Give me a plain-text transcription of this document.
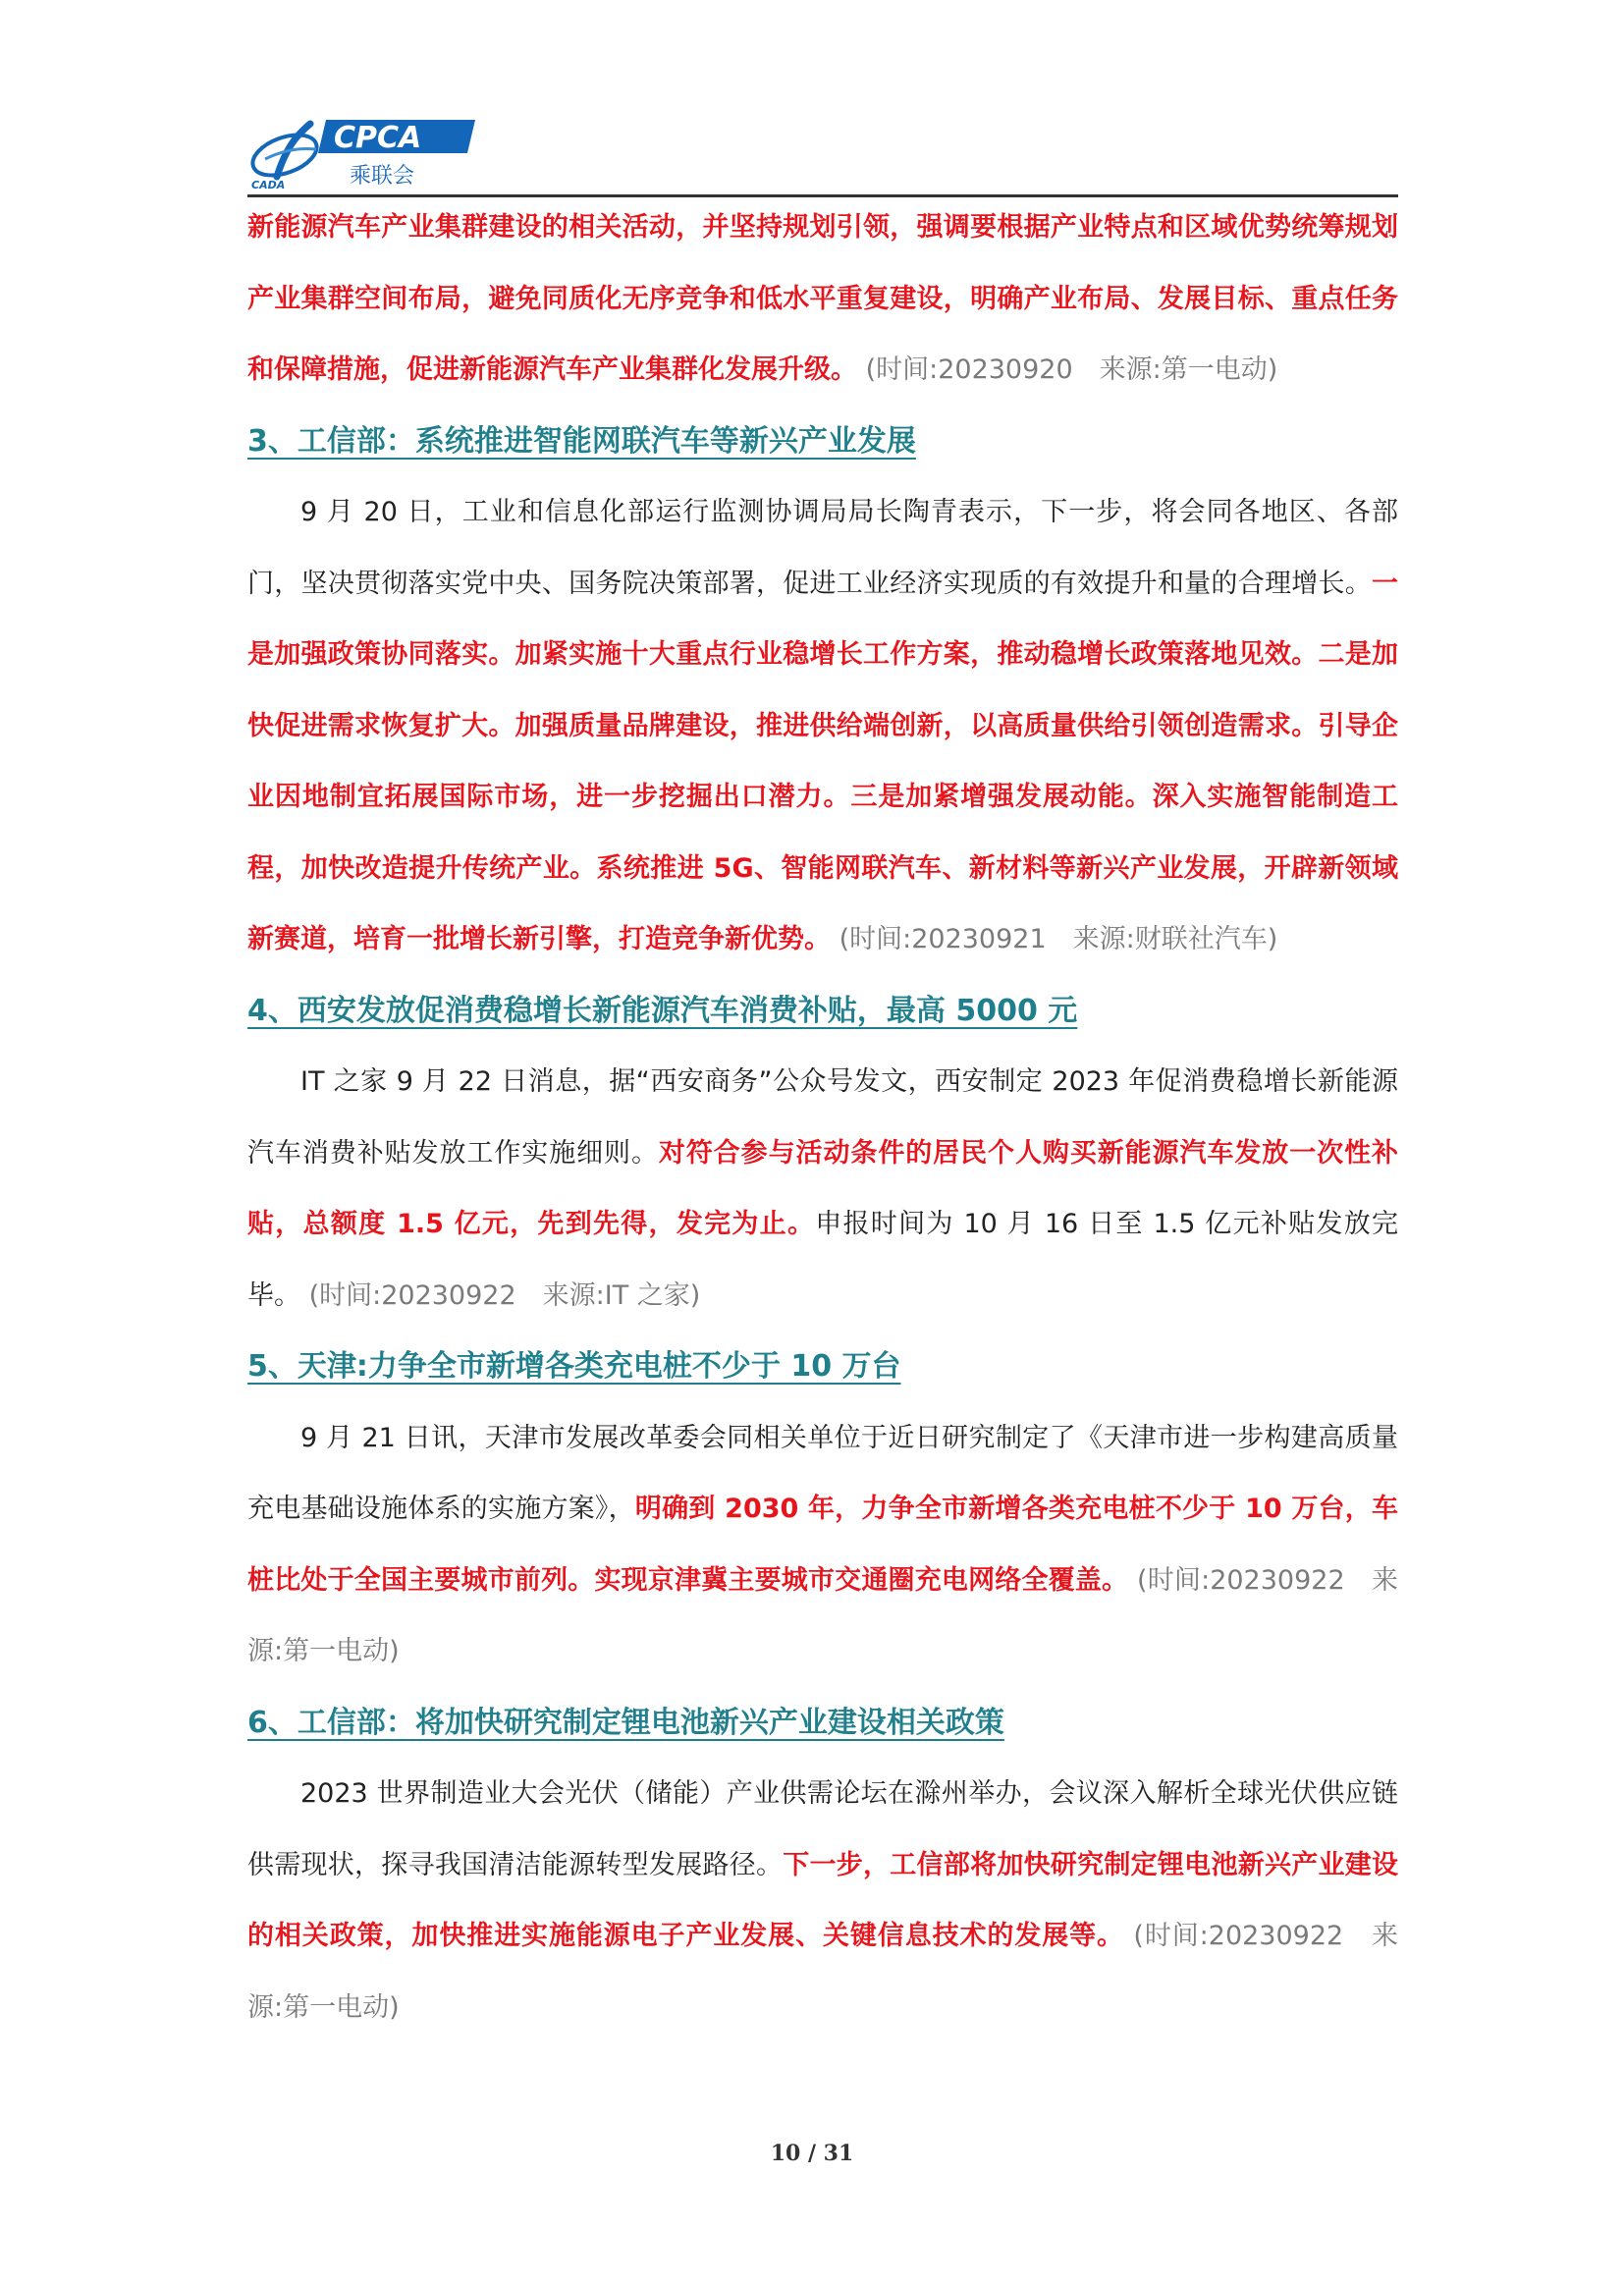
CPCA
乘联会
CADA

新能源汽车产业集群建设的相关活动，并坚持规划引领，强调要根据产业特点和区域优势统筹规划产业集群空间布局，避免同质化无序竞争和低水平重复建设，明确产业布局、发展目标、重点任务和保障措施，促进新能源汽车产业集群化发展升级。 (时间:20230920　来源:第一电动)

3、工信部：系统推进智能网联汽车等新兴产业发展

9 月 20 日，工业和信息化部运行监测协调局局长陶青表示，下一步，将会同各地区、各部门，坚决贯彻落实党中央、国务院决策部署，促进工业经济实现质的有效提升和量的合理增长。一是加强政策协同落实。加紧实施十大重点行业稳增长工作方案，推动稳增长政策落地见效。二是加快促进需求恢复扩大。加强质量品牌建设，推进供给端创新，以高质量供给引领创造需求。引导企业因地制宜拓展国际市场，进一步挖掘出口潜力。三是加紧增强发展动能。深入实施智能制造工程，加快改造提升传统产业。系统推进 5G、智能网联汽车、新材料等新兴产业发展，开辟新领域新赛道，培育一批增长新引擎，打造竞争新优势。 (时间:20230921　来源:财联社汽车)

4、西安发放促消费稳增长新能源汽车消费补贴，最高 5000 元

IT 之家 9 月 22 日消息，据“西安商务”公众号发文，西安制定 2023 年促消费稳增长新能源汽车消费补贴发放工作实施细则。对符合参与活动条件的居民个人购买新能源汽车发放一次性补贴，总额度 1.5 亿元，先到先得，发完为止。申报时间为 10 月 16 日至 1.5 亿元补贴发放完毕。 (时间:20230922　来源:IT 之家)

5、天津:力争全市新增各类充电桩不少于 10 万台

9 月 21 日讯，天津市发展改革委会同相关单位于近日研究制定了《天津市进一步构建高质量充电基础设施体系的实施方案》，明确到 2030 年，力争全市新增各类充电桩不少于 10 万台，车桩比处于全国主要城市前列。实现京津冀主要城市交通圈充电网络全覆盖。 (时间:20230922　来源:第一电动)

6、工信部：将加快研究制定锂电池新兴产业建设相关政策

2023 世界制造业大会光伏（储能）产业供需论坛在滁州举办，会议深入解析全球光伏供应链供需现状，探寻我国清洁能源转型发展路径。下一步，工信部将加快研究制定锂电池新兴产业建设的相关政策，加快推进实施能源电子产业发展、关键信息技术的发展等。 (时间:20230922　来源:第一电动)

10 / 31
